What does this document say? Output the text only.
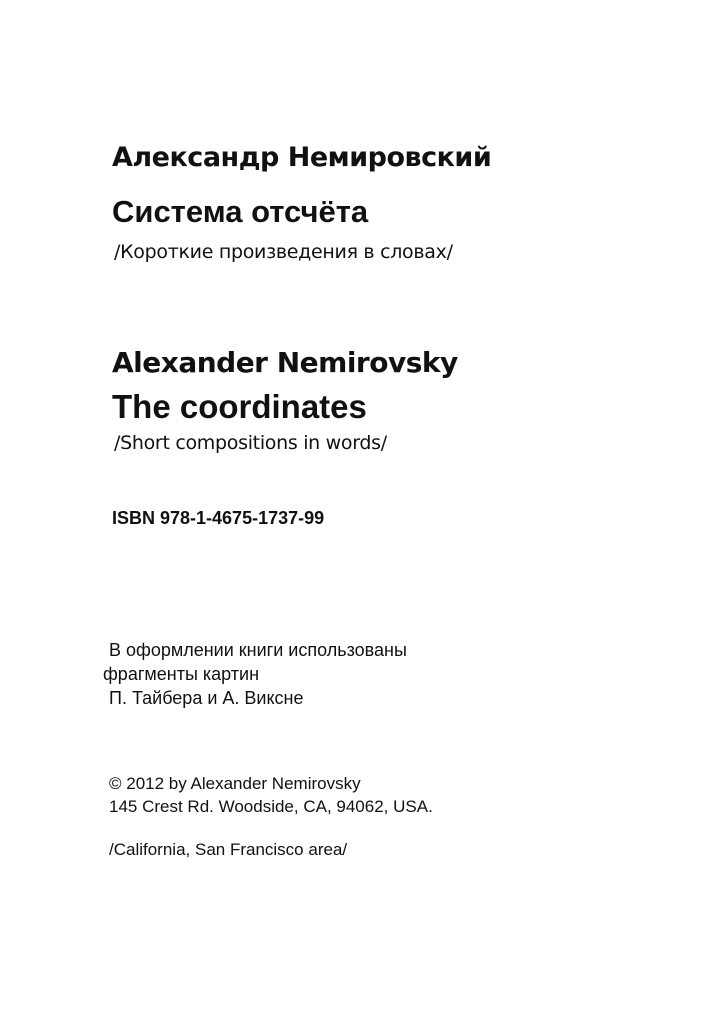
Александр Немировский

Система отсчёта

/Короткие произведения в словах/

Alexander Nemirovsky

The coordinates

/Short compositions in words/

ISBN 978-1-4675-1737-99

В оформлении книги использованы

фрагменты картин

П. Тайбера и А. Виксне

© 2012 by Alexander Nemirovsky

145 Crest Rd. Woodside, CA, 94062, USA.

/California, San Francisco area/
